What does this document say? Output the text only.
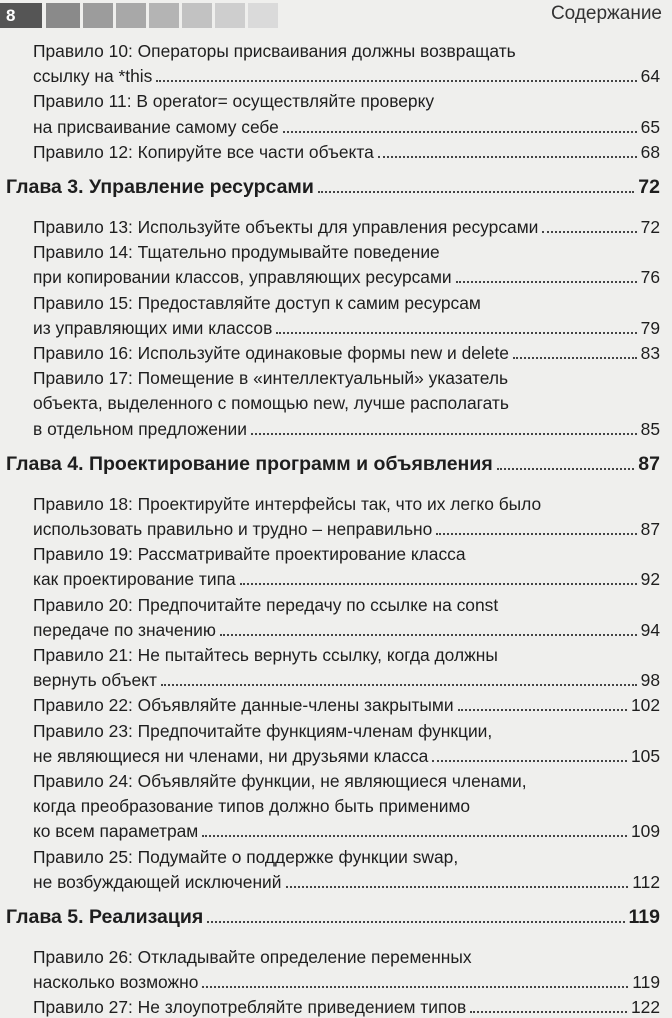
8	Содержание
Правило 10: Операторы присваивания должны возвращать
ссылку на *this	64
Правило 11: В operator= осуществляйте проверку
на присваивание самому себе	65
Правило 12: Копируйте все части объекта	68
Глава 3. Управление ресурсами	72
Правило 13: Используйте объекты для управления ресурсами	72
Правило 14: Тщательно продумывайте поведение
при копировании классов, управляющих ресурсами	76
Правило 15: Предоставляйте доступ к самим ресурсам
из управляющих ими классов	79
Правило 16: Используйте одинаковые формы new и delete	83
Правило 17: Помещение в «интеллектуальный» указатель
объекта, выделенного с помощью new, лучше располагать
в отдельном предложении	85
Глава 4. Проектирование программ и объявления	87
Правило 18: Проектируйте интерфейсы так, что их легко было
использовать правильно и трудно – неправильно	87
Правило 19: Рассматривайте проектирование класса
как проектирование типа	92
Правило 20: Предпочитайте передачу по ссылке на const
передаче по значению	94
Правило 21: Не пытайтесь вернуть ссылку, когда должны
вернуть объект	98
Правило 22: Объявляйте данные-члены закрытыми	102
Правило 23: Предпочитайте функциям-членам функции,
не являющиеся ни членами, ни друзьями класса	105
Правило 24: Объявляйте функции, не являющиеся членами,
когда преобразование типов должно быть применимо
ко всем параметрам	109
Правило 25: Подумайте о поддержке функции swap,
не возбуждающей исключений	112
Глава 5. Реализация	119
Правило 26: Откладывайте определение переменных
насколько возможно	119
Правило 27: Не злоупотребляйте приведением типов	122
